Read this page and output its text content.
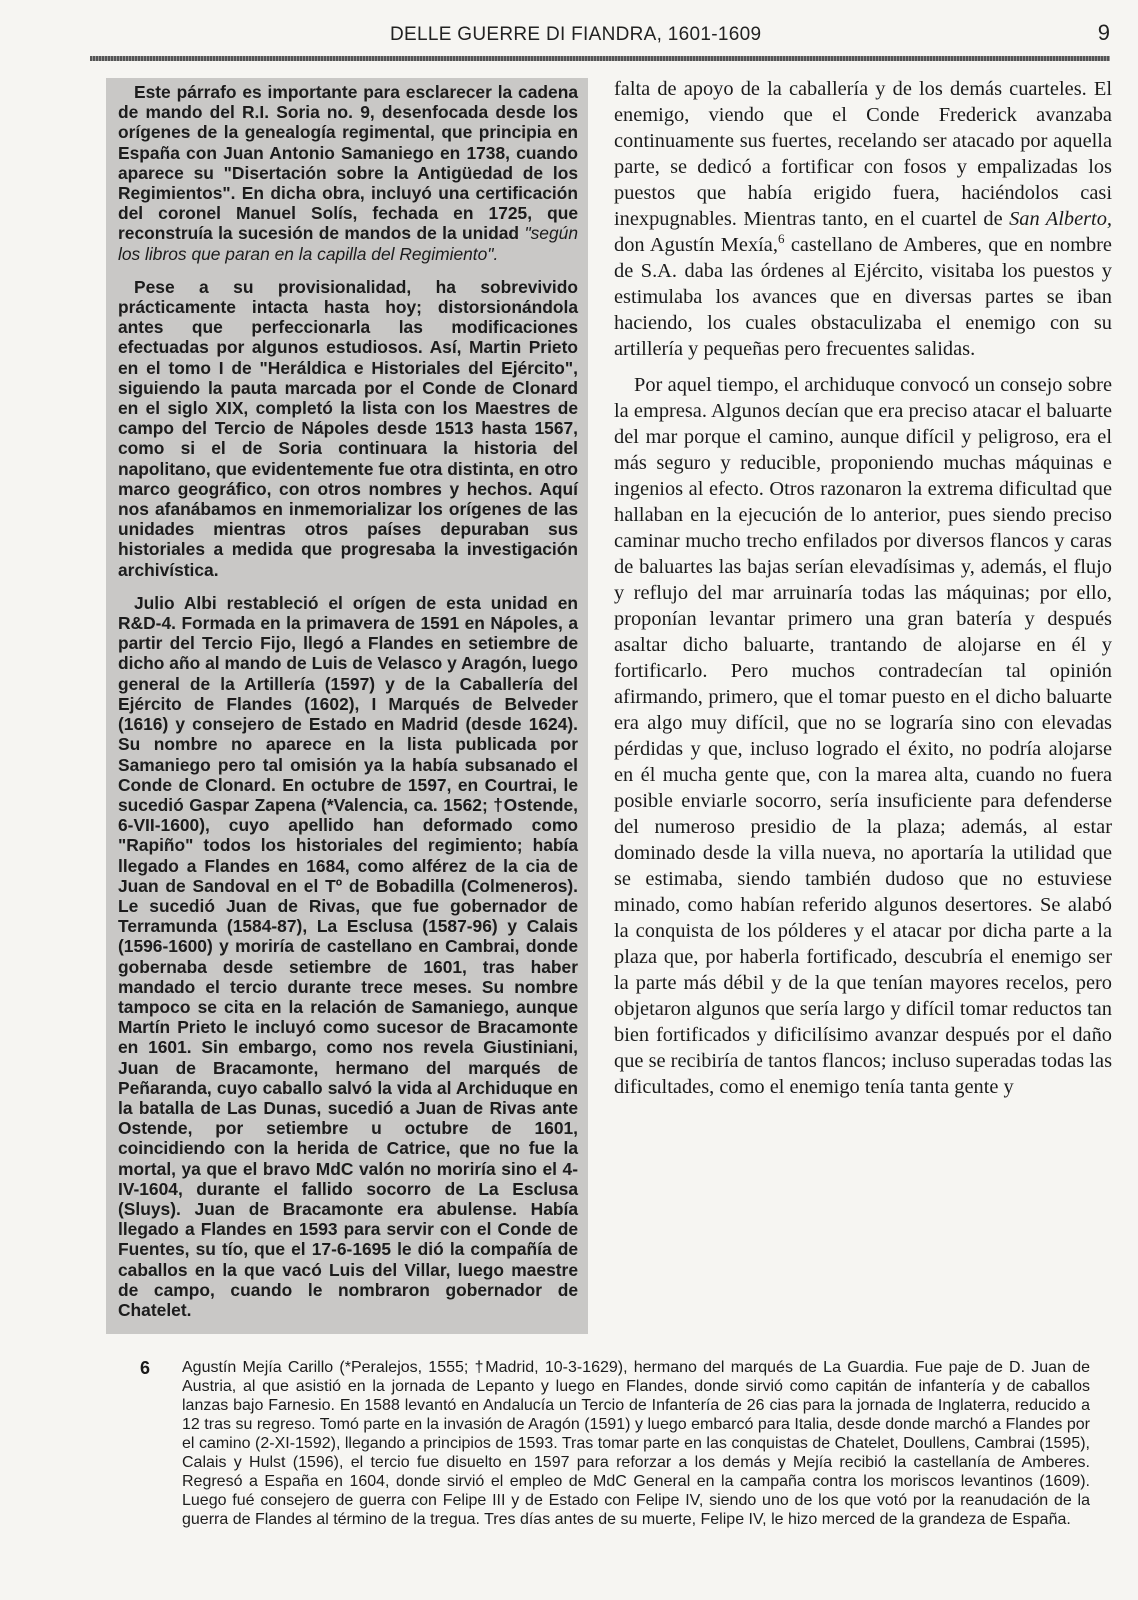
DELLE GUERRE DI FIANDRA, 1601-1609	9

Este párrafo es importante para esclarecer la cadena de mando del R.I. Soria no. 9, desenfocada desde los orígenes de la genealogía regimental, que principia en España con Juan Antonio Samaniego en 1738, cuando aparece su "Disertación sobre la Antigüedad de los Regimientos". En dicha obra, incluyó una certificación del coronel Manuel Solís, fechada en 1725, que reconstruía la sucesión de mandos de la unidad "según los libros que paran en la capilla del Regimiento".

Pese a su provisionalidad, ha sobrevivido prácticamente intacta hasta hoy; distorsionándola antes que perfeccionarla las modificaciones efectuadas por algunos estudiosos. Así, Martin Prieto en el tomo I de "Heráldica e Historiales del Ejército", siguiendo la pauta marcada por el Conde de Clonard en el siglo XIX, completó la lista con los Maestres de campo del Tercio de Nápoles desde 1513 hasta 1567, como si el de Soria continuara la historia del napolitano, que evidentemente fue otra distinta, en otro marco geográfico, con otros nombres y hechos. Aquí nos afanábamos en inmemorializar los orígenes de las unidades mientras otros países depuraban sus historiales a medida que progresaba la investigación archivística.

Julio Albi restableció el orígen de esta unidad en R&D-4. Formada en la primavera de 1591 en Nápoles, a partir del Tercio Fijo, llegó a Flandes en setiembre de dicho año al mando de Luis de Velasco y Aragón, luego general de la Artillería (1597) y de la Caballería del Ejército de Flandes (1602), I Marqués de Belveder (1616) y consejero de Estado en Madrid (desde 1624). Su nombre no aparece en la lista publicada por Samaniego pero tal omisión ya la había subsanado el Conde de Clonard. En octubre de 1597, en Courtrai, le sucedió Gaspar Zapena (*Valencia, ca. 1562; †Ostende, 6-VII-1600), cuyo apellido han deformado como "Rapiño" todos los historiales del regimiento; había llegado a Flandes en 1684, como alférez de la cia de Juan de Sandoval en el Tº de Bobadilla (Colmeneros). Le sucedió Juan de Rivas, que fue gobernador de Terramunda (1584-87), La Esclusa (1587-96) y Calais (1596-1600) y moriría de castellano en Cambrai, donde gobernaba desde setiembre de 1601, tras haber mandado el tercio durante trece meses. Su nombre tampoco se cita en la relación de Samaniego, aunque Martín Prieto le incluyó como sucesor de Bracamonte en 1601. Sin embargo, como nos revela Giustiniani, Juan de Bracamonte, hermano del marqués de Peñaranda, cuyo caballo salvó la vida al Archiduque en la batalla de Las Dunas, sucedió a Juan de Rivas ante Ostende, por setiembre u octubre de 1601, coincidiendo con la herida de Catrice, que no fue la mortal, ya que el bravo MdC valón no moriría sino el 4-IV-1604, durante el fallido socorro de La Esclusa (Sluys). Juan de Bracamonte era abulense. Había llegado a Flandes en 1593 para servir con el Conde de Fuentes, su tío, que el 17-6-1695 le dió la compañía de caballos en la que vacó Luis del Villar, luego maestre de campo, cuando le nombraron gobernador de Chatelet.

falta de apoyo de la caballería y de los demás cuarteles. El enemigo, viendo que el Conde Frederick avanzaba continuamente sus fuertes, recelando ser atacado por aquella parte, se dedicó a fortificar con fosos y empalizadas los puestos que había erigido fuera, haciéndolos casi inexpugnables. Mientras tanto, en el cuartel de San Alberto, don Agustín Mexía,$^6$ castellano de Amberes, que en nombre de S.A. daba las órdenes al Ejército, visitaba los puestos y estimulaba los avances que en diversas partes se iban haciendo, los cuales obstaculizaba el enemigo con su artillería y pequeñas pero frecuentes salidas.

Por aquel tiempo, el archiduque convocó un consejo sobre la empresa. Algunos decían que era preciso atacar el baluarte del mar porque el camino, aunque difícil y peligroso, era el más seguro y reducible, proponiendo muchas máquinas e ingenios al efecto. Otros razonaron la extrema dificultad que hallaban en la ejecución de lo anterior, pues siendo preciso caminar mucho trecho enfilados por diversos flancos y caras de baluartes las bajas serían elevadísimas y, además, el flujo y reflujo del mar arruinaría todas las máquinas; por ello, proponían levantar primero una gran batería y después asaltar dicho baluarte, trantando de alojarse en él y fortificarlo. Pero muchos contradecían tal opinión afirmando, primero, que el tomar puesto en el dicho baluarte era algo muy difícil, que no se lograría sino con elevadas pérdidas y que, incluso logrado el éxito, no podría alojarse en él mucha gente que, con la marea alta, cuando no fuera posible enviarle socorro, sería insuficiente para defenderse del numeroso presidio de la plaza; además, al estar dominado desde la villa nueva, no aportaría la utilidad que se estimaba, siendo también dudoso que no estuviese minado, como habían referido algunos desertores. Se alabó la conquista de los pólderes y el atacar por dicha parte a la plaza que, por haberla fortificado, descubría el enemigo ser la parte más débil y de la que tenían mayores recelos, pero objetaron algunos que sería largo y difícil tomar reductos tan bien fortificados y dificilísimo avanzar después por el daño que se recibiría de tantos flancos; incluso superadas todas las dificultades, como el enemigo tenía tanta gente y

6 Agustín Mejía Carillo (*Peralejos, 1555; †Madrid, 10-3-1629), hermano del marqués de La Guardia. Fue paje de D. Juan de Austria, al que asistió en la jornada de Lepanto y luego en Flandes, donde sirvió como capitán de infantería y de caballos lanzas bajo Farnesio. En 1588 levantó en Andalucía un Tercio de Infantería de 26 cias para la jornada de Inglaterra, reducido a 12 tras su regreso. Tomó parte en la invasión de Aragón (1591) y luego embarcó para Italia, desde donde marchó a Flandes por el camino (2-XI-1592), llegando a principios de 1593. Tras tomar parte en las conquistas de Chatelet, Doullens, Cambrai (1595), Calais y Hulst (1596), el tercio fue disuelto en 1597 para reforzar a los demás y Mejía recibió la castellanía de Amberes. Regresó a España en 1604, donde sirvió el empleo de MdC General en la campaña contra los moriscos levantinos (1609). Luego fué consejero de guerra con Felipe III y de Estado con Felipe IV, siendo uno de los que votó por la reanudación de la guerra de Flandes al término de la tregua. Tres días antes de su muerte, Felipe IV, le hizo merced de la grandeza de España.
